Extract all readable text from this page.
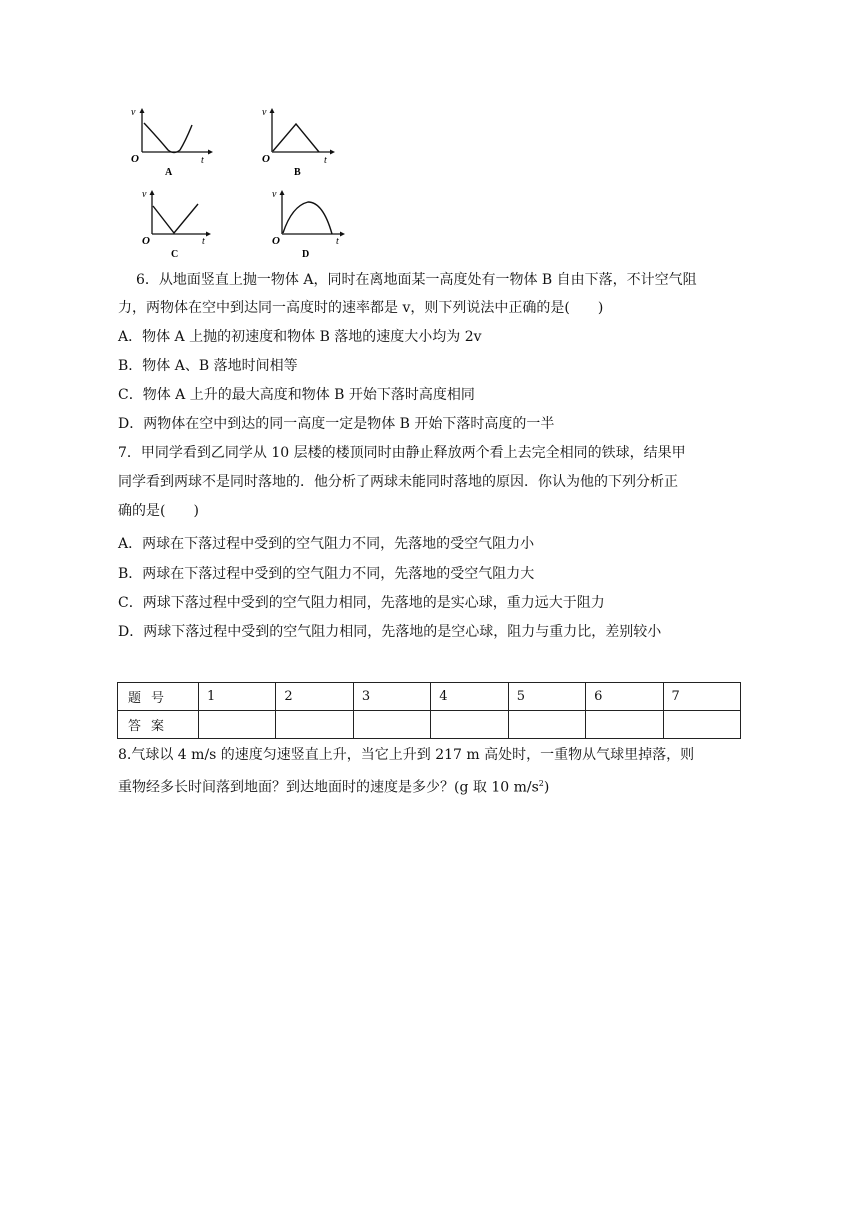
v
O	t
A
v
O	t
B
v
O	t
C
v
O	t
D
6．从地面竖直上抛一物体 A，同时在离地面某一高度处有一物体 B 自由下落，不计空气阻
力，两物体在空中到达同一高度时的速率都是 v，则下列说法中正确的是(　　)
A．物体 A 上抛的初速度和物体 B 落地的速度大小均为 2v
B．物体 A、B 落地时间相等
C．物体 A 上升的最大高度和物体 B 开始下落时高度相同
D．两物体在空中到达的同一高度一定是物体 B 开始下落时高度的一半
7．甲同学看到乙同学从 10 层楼的楼顶同时由静止释放两个看上去完全相同的铁球，结果甲
同学看到两球不是同时落地的．他分析了两球未能同时落地的原因．你认为他的下列分析正
确的是(　　)
A．两球在下落过程中受到的空气阻力不同，先落地的受空气阻力小
B．两球在下落过程中受到的空气阻力不同，先落地的受空气阻力大
C．两球下落过程中受到的空气阻力相同，先落地的是实心球，重力远大于阻力
D．两球下落过程中受到的空气阻力相同，先落地的是空心球，阻力与重力比，差别较小
题号	1	2	3	4	5	6	7
答案							
8.气球以 4 m/s 的速度匀速竖直上升，当它上升到 217 m 高处时，一重物从气球里掉落，则
重物经多长时间落到地面？到达地面时的速度是多少？(g 取 10 $m/s^2$)
